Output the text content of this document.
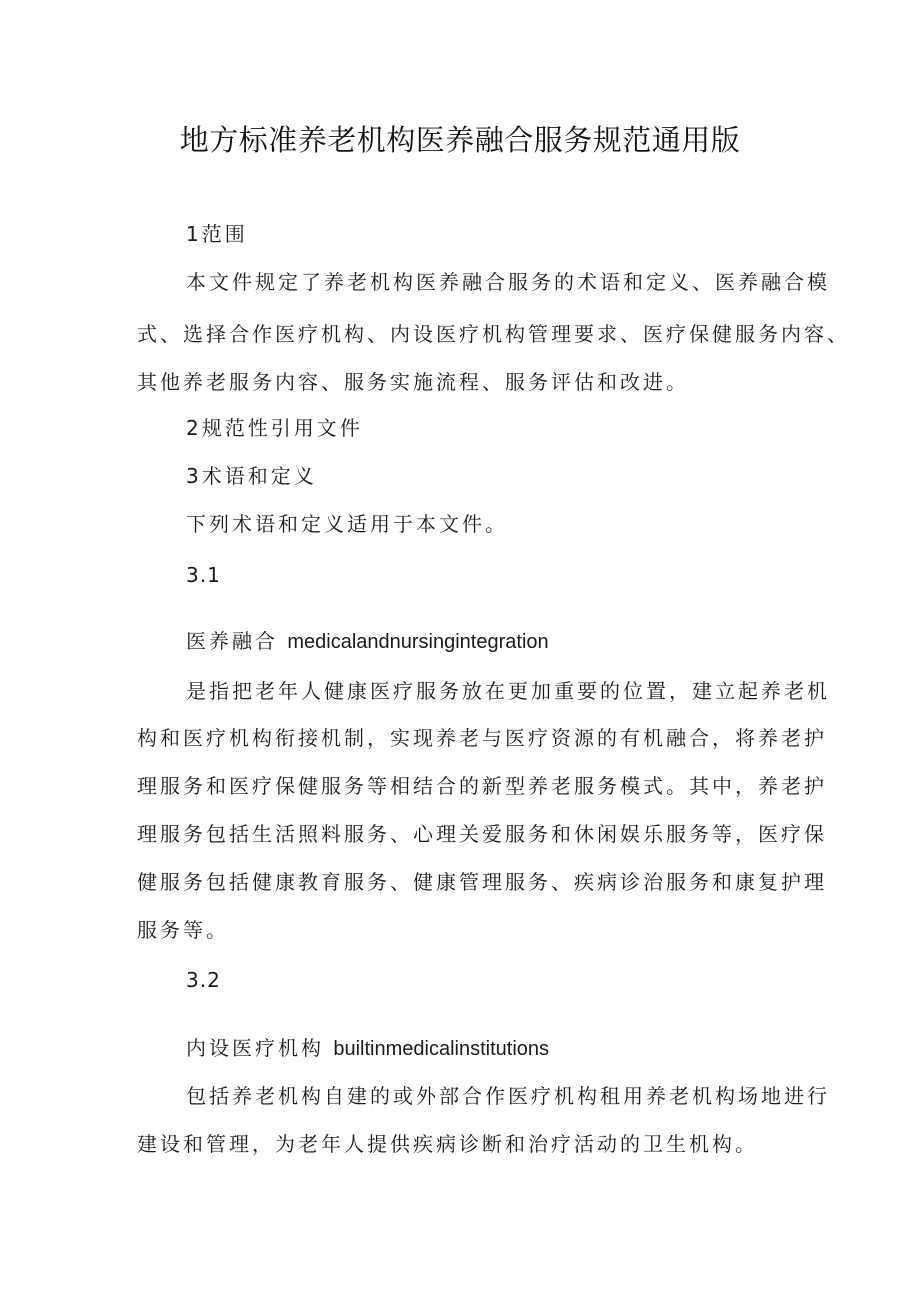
地方标准养老机构医养融合服务规范通用版
1范围
本文件规定了养老机构医养融合服务的术语和定义、医养融合模
式、选择合作医疗机构、内设医疗机构管理要求、医疗保健服务内容、
其他养老服务内容、服务实施流程、服务评估和改进。
2规范性引用文件
3术语和定义
下列术语和定义适用于本文件。
3.1
医养融合 medicalandnursingintegration
是指把老年人健康医疗服务放在更加重要的位置，建立起养老机
构和医疗机构衔接机制，实现养老与医疗资源的有机融合，将养老护
理服务和医疗保健服务等相结合的新型养老服务模式。其中，养老护
理服务包括生活照料服务、心理关爱服务和休闲娱乐服务等，医疗保
健服务包括健康教育服务、健康管理服务、疾病诊治服务和康复护理
服务等。
3.2
内设医疗机构 builtinmedicalinstitutions
包括养老机构自建的或外部合作医疗机构租用养老机构场地进行
建设和管理，为老年人提供疾病诊断和治疗活动的卫生机构。
